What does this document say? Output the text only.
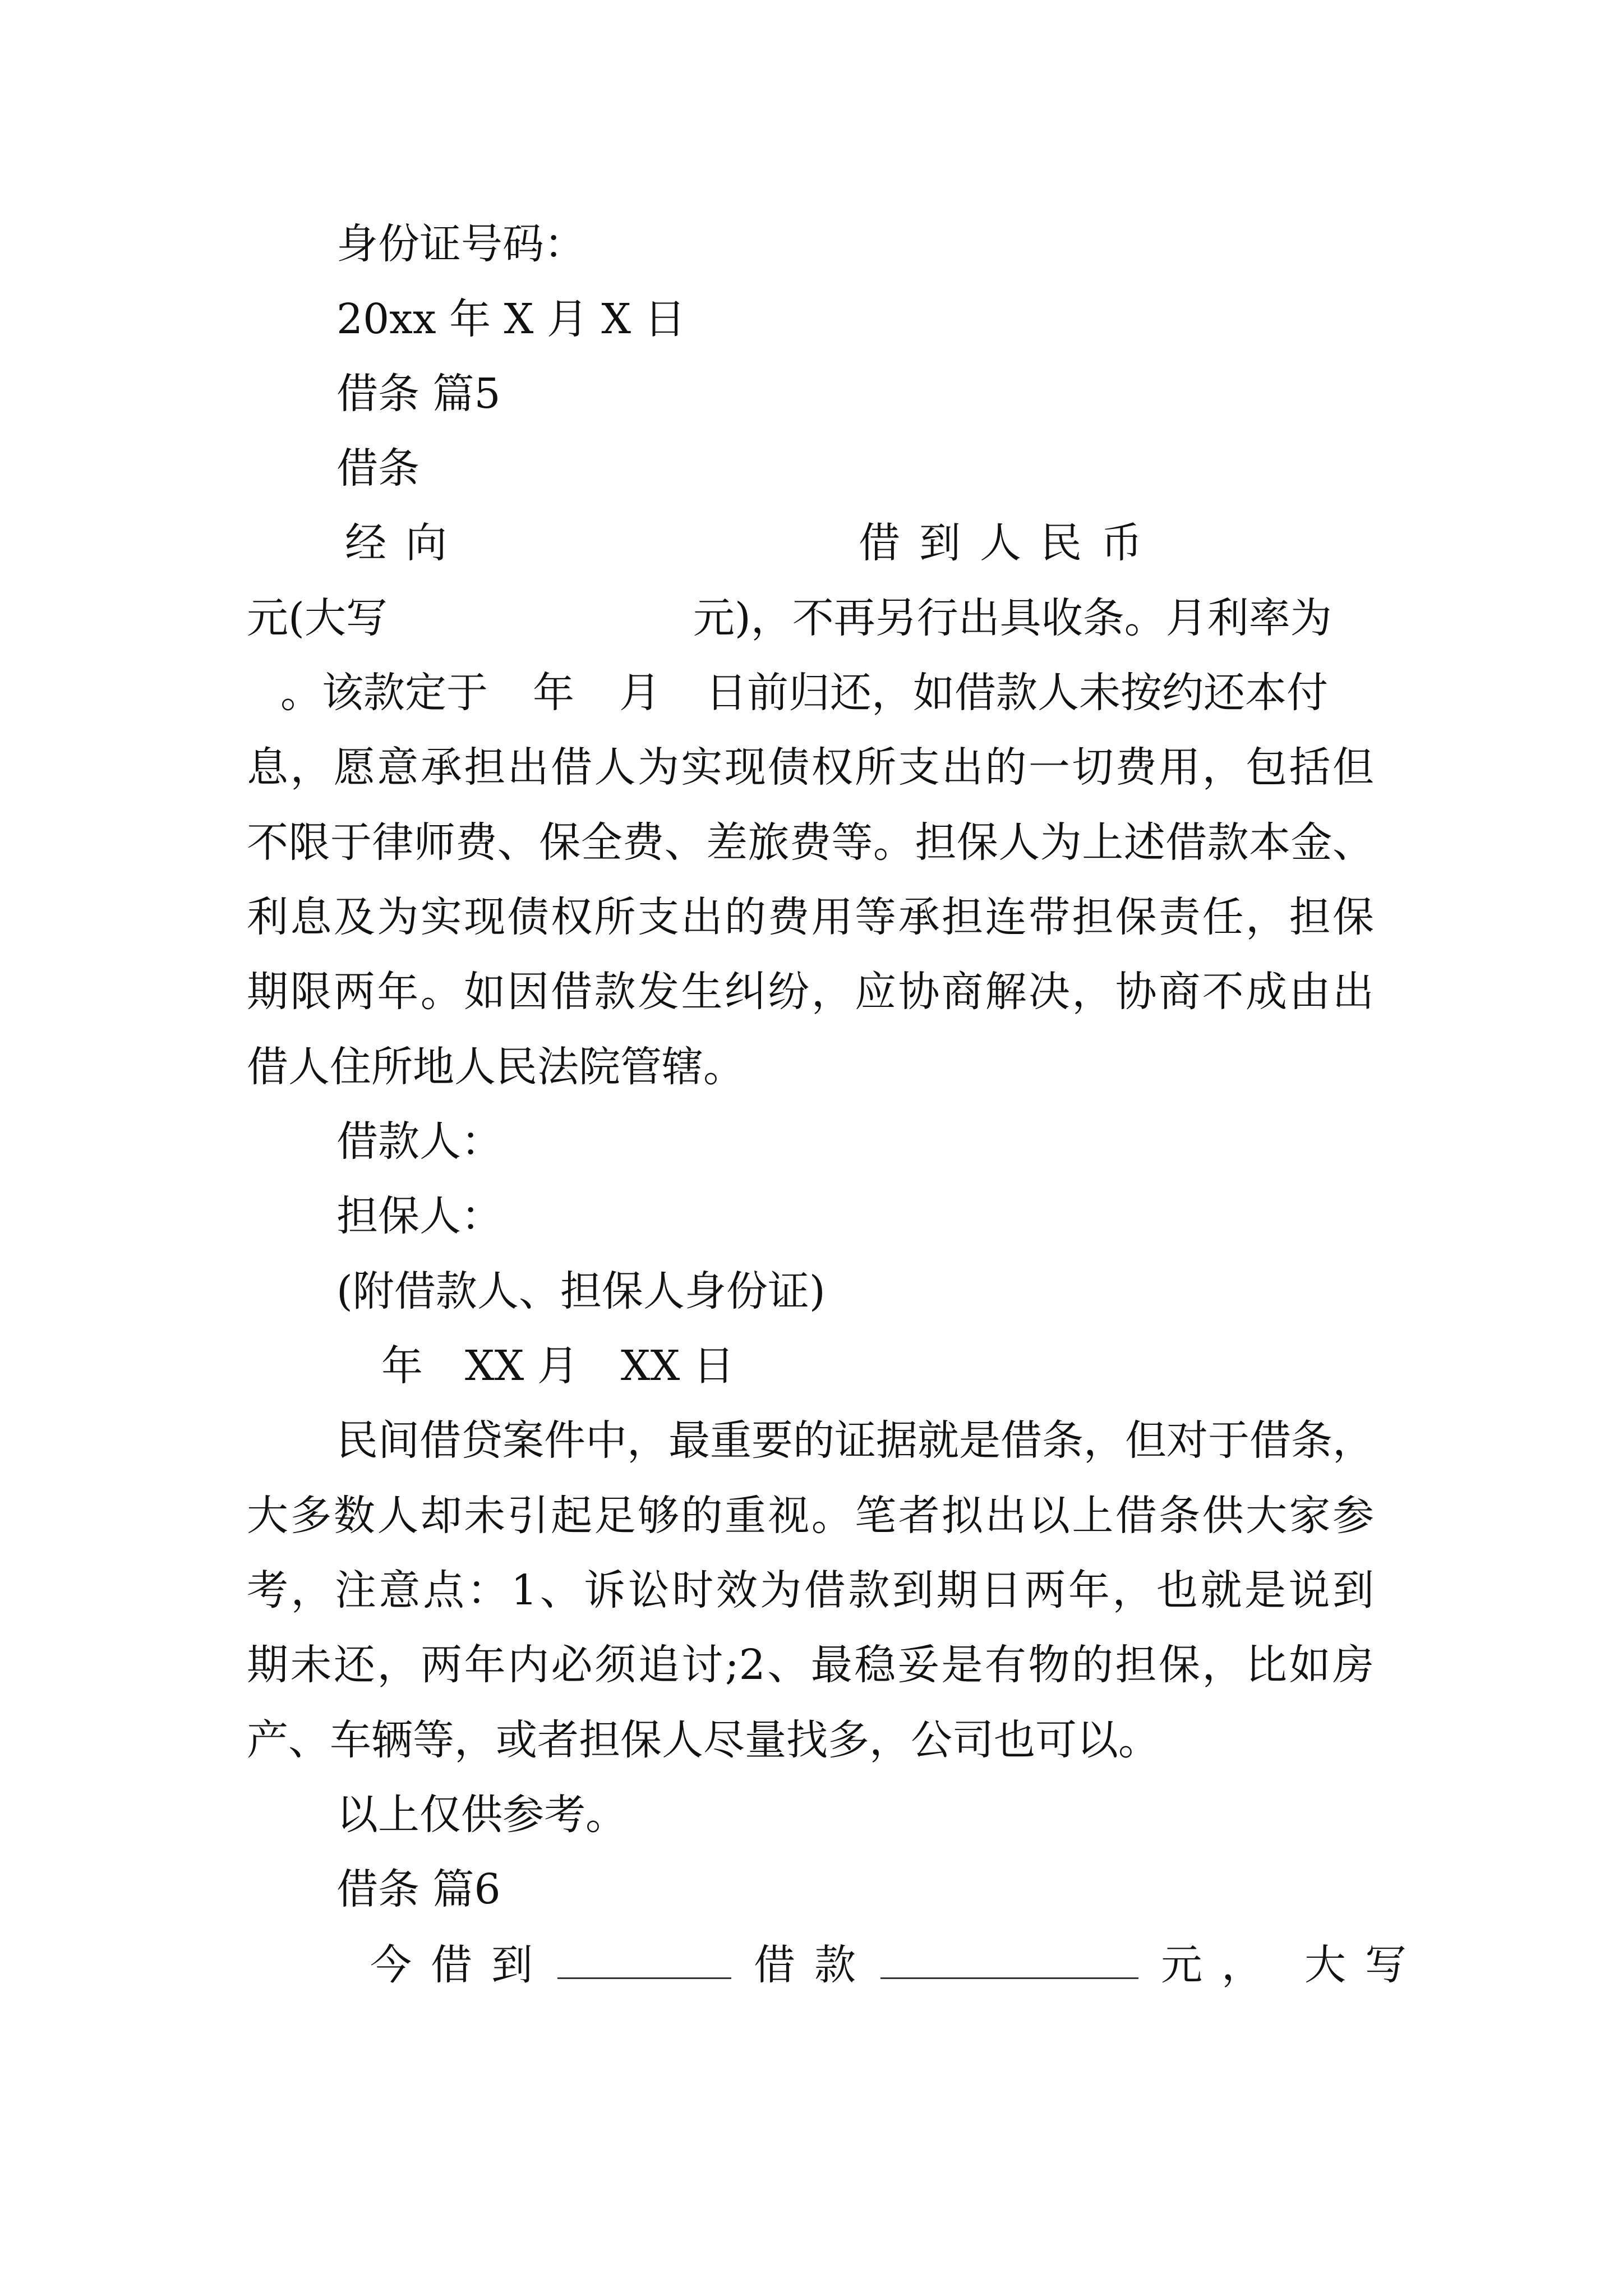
身份证号码：
20xx 年 X 月 X 日
借条 篇5
借条
经向	借到人民币
元(大写	元)，不再另行出具收条。月利率为
。该款定于 年 月 日前归还，如借款人未按约还本付
息，愿意承担出借人为实现债权所支出的一切费用，包括但
不限于律师费、保全费、差旅费等。担保人为上述借款本金、
利息及为实现债权所支出的费用等承担连带担保责任，担保
期限两年。如因借款发生纠纷，应协商解决，协商不成由出
借人住所地人民法院管辖。
借款人：
担保人：
(附借款人、担保人身份证)
年 XX 月 XX 日
民间借贷案件中，最重要的证据就是借条，但对于借条，
大多数人却未引起足够的重视。笔者拟出以上借条供大家参
考，注意点：1、诉讼时效为借款到期日两年，也就是说到
期未还，两年内必须追讨;2、最稳妥是有物的担保，比如房
产、车辆等，或者担保人尽量找多，公司也可以。
以上仅供参考。
借条 篇6
今借到	借款	元， 大写
